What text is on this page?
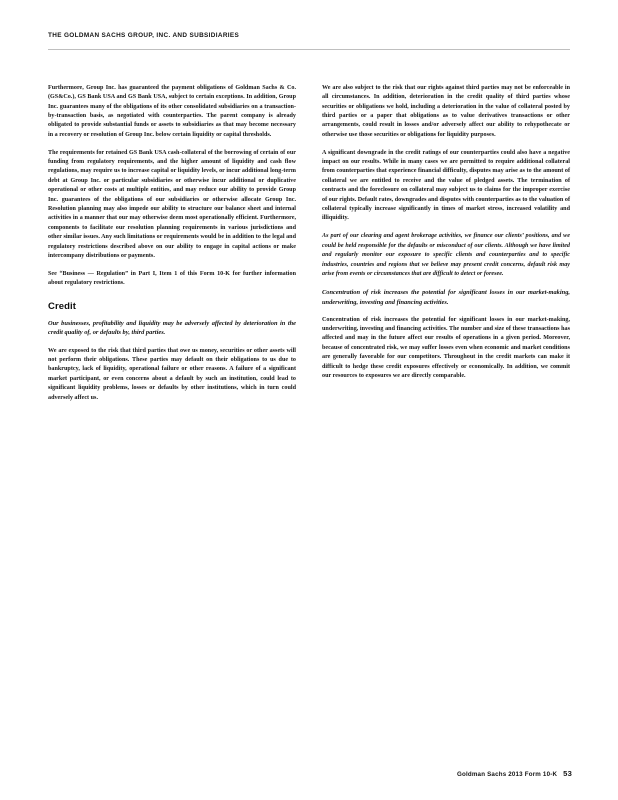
THE GOLDMAN SACHS GROUP, INC. AND SUBSIDIARIES

Furthermore, Group Inc. has guaranteed the payment obligations of Goldman Sachs & Co. (GS&Co.), GS Bank USA and GS Bank USA, subject to certain exceptions. In addition, Group Inc. guarantees many of the obligations of its other consolidated subsidiaries on a transaction-by-transaction basis, as negotiated with counterparties. The parent company is already obligated to provide substantial funds or assets to subsidiaries as that may become necessary in a recovery or resolution of Group Inc. below certain liquidity or capital thresholds.

The requirements for retained GS Bank USA cash-collateral of the borrowing of certain of our funding from regulatory requirements, and the higher amount of liquidity and cash flow regulations, may require us to increase capital or liquidity levels, or incur additional long-term debt at Group Inc. or particular subsidiaries or otherwise incur additional or duplicative operational or other costs at multiple entities, and may reduce our ability to provide Group Inc. guarantees of the obligations of our subsidiaries or otherwise allocate Group Inc. Resolution planning may also impede our ability to structure our balance sheet and internal activities in a manner that our may otherwise deem most operationally efficient. Furthermore, components to facilitate our resolution planning requirements in various jurisdictions and other similar issues. Any such limitations or requirements would be in addition to the legal and regulatory restrictions described above on our ability to engage in capital actions or make intercompany distributions or payments.

See “Business — Regulation” in Part I, Item 1 of this Form 10-K for further information about regulatory restrictions.

Credit

Our businesses, profitability and liquidity may be adversely affected by deterioration in the credit quality of, or defaults by, third parties.

We are exposed to the risk that third parties that owe us money, securities or other assets will not perform their obligations. These parties may default on their obligations to us due to bankruptcy, lack of liquidity, operational failure or other reasons. A failure of a significant market participant, or even concerns about a default by such an institution, could lead to significant liquidity problems, losses or defaults by other institutions, which in turn could adversely affect us.

We are also subject to the risk that our rights against third parties may not be enforceable in all circumstances. In addition, deterioration in the credit quality of third parties whose securities or obligations we hold, including a deterioration in the value of collateral posted by third parties or a paper that obligations as to value derivatives transactions or other arrangements, could result in losses and/or adversely affect our ability to rehypothecate or otherwise use those securities or obligations for liquidity purposes.

A significant downgrade in the credit ratings of our counterparties could also have a negative impact on our results. While in many cases we are permitted to require additional collateral from counterparties that experience financial difficulty, disputes may arise as to the amount of collateral we are entitled to receive and the value of pledged assets. The termination of contracts and the foreclosure on collateral may subject us to claims for the improper exercise of our rights. Default rates, downgrades and disputes with counterparties as to the valuation of collateral typically increase significantly in times of market stress, increased volatility and illiquidity.

As part of our clearing and agent brokerage activities, we finance our clients’ positions, and we could be held responsible for the defaults or misconduct of our clients. Although we have limited and regularly monitor our exposure to specific clients and counterparties and to specific industries, countries and regions that we believe may present credit concerns, default risk may arise from events or circumstances that are difficult to detect or foresee.

Concentration of risk increases the potential for significant losses in our market-making, underwriting, investing and financing activities.

Concentration of risk increases the potential for significant losses in our market-making, underwriting, investing and financing activities. The number and size of these transactions has affected and may in the future affect our results of operations in a given period. Moreover, because of concentrated risk, we may suffer losses even when economic and market conditions are generally favorable for our competitors. Throughout in the credit markets can make it difficult to hedge these credit exposures effectively or economically. In addition, we commit our resources to exposures we are directly comparable.

Goldman Sachs 2013 Form 10-K 53
